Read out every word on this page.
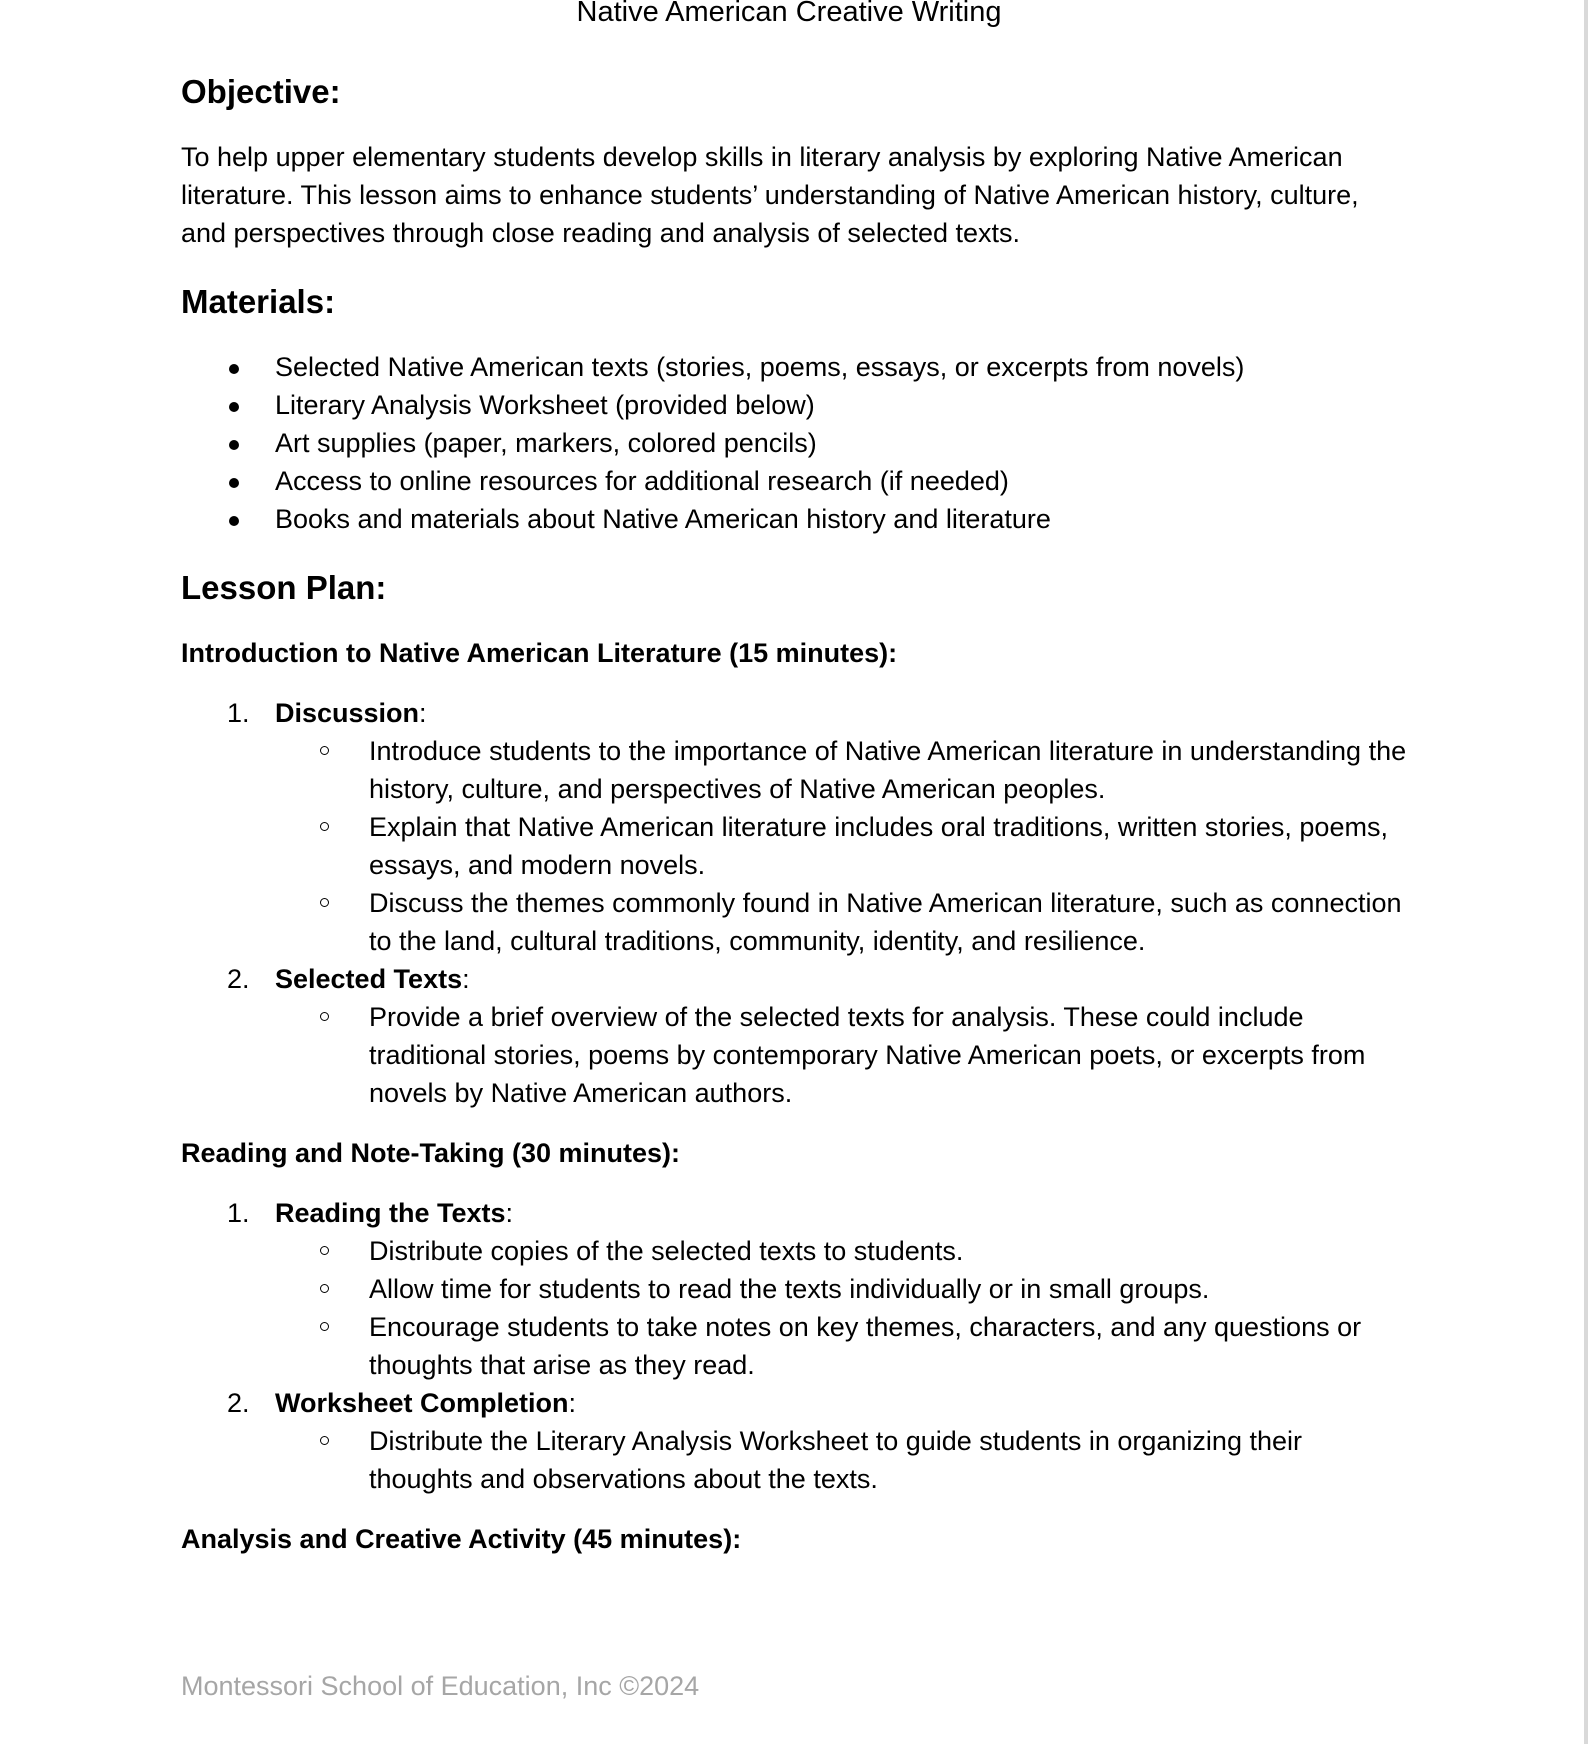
Native American Creative Writing
Objective:

To help upper elementary students develop skills in literary analysis by exploring Native American literature. This lesson aims to enhance students’ understanding of Native American history, culture, and perspectives through close reading and analysis of selected texts.

Materials:
Selected Native American texts (stories, poems, essays, or excerpts from novels)
Literary Analysis Worksheet (provided below)
Art supplies (paper, markers, colored pencils)
Access to online resources for additional research (if needed)
Books and materials about Native American history and literature
Lesson Plan:
Introduction to Native American Literature (15 minutes):
1. Discussion:
Introduce students to the importance of Native American literature in understanding the history, culture, and perspectives of Native American peoples.
Explain that Native American literature includes oral traditions, written stories, poems, essays, and modern novels.
Discuss the themes commonly found in Native American literature, such as connection to the land, cultural traditions, community, identity, and resilience.
2. Selected Texts:
Provide a brief overview of the selected texts for analysis. These could include traditional stories, poems by contemporary Native American poets, or excerpts from novels by Native American authors.
Reading and Note-Taking (30 minutes):
1. Reading the Texts:
Distribute copies of the selected texts to students.
Allow time for students to read the texts individually or in small groups.
Encourage students to take notes on key themes, characters, and any questions or thoughts that arise as they read.
2. Worksheet Completion:
Distribute the Literary Analysis Worksheet to guide students in organizing their thoughts and observations about the texts.
Analysis and Creative Activity (45 minutes):
Montessori School of Education, Inc ©2024
